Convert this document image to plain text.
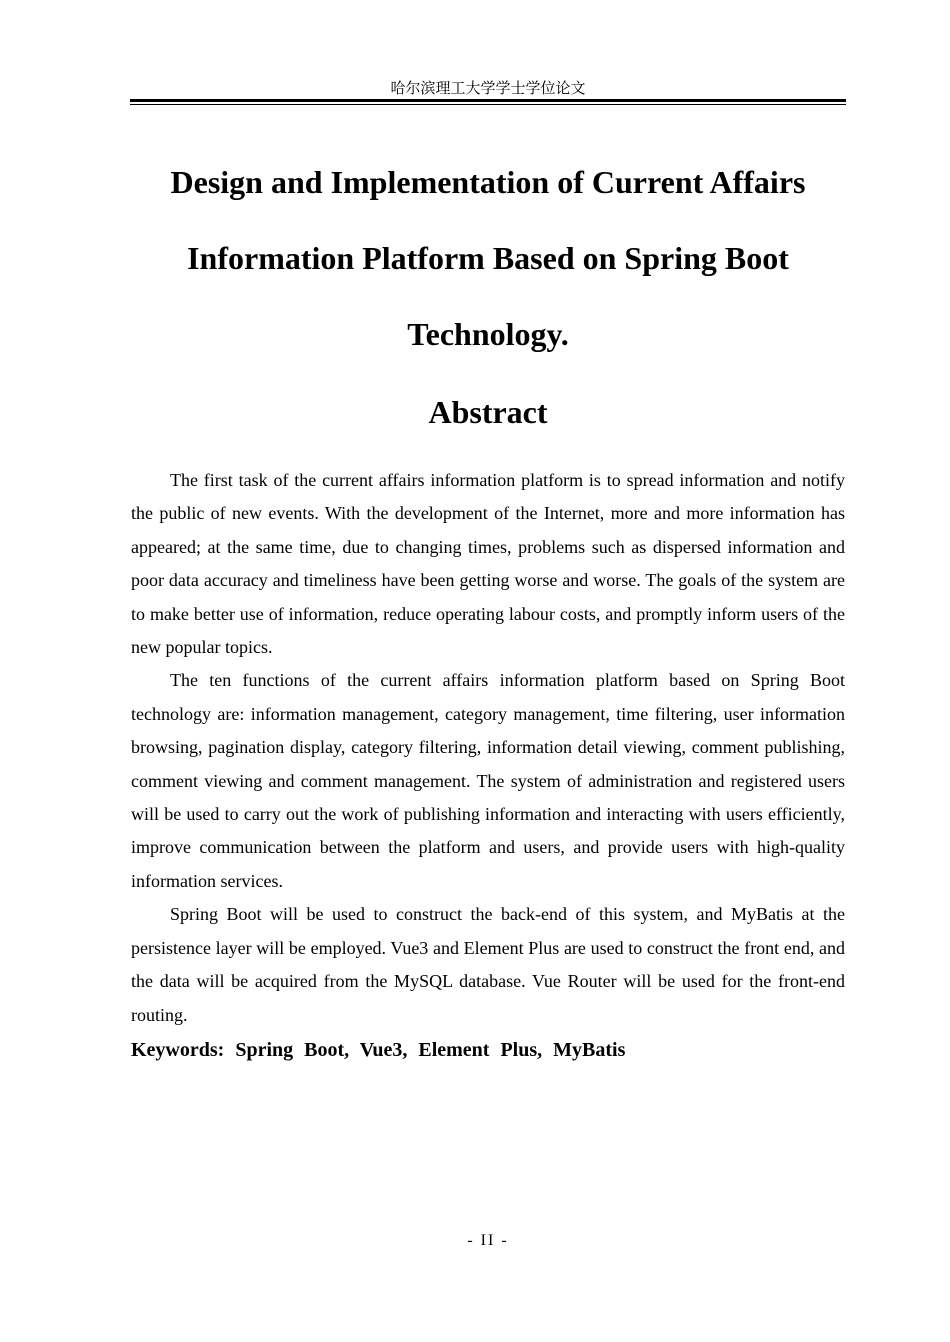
哈尔滨理工大学学士学位论文
Design and Implementation of Current Affairs
Information Platform Based on Spring Boot
Technology.
Abstract

The first task of the current affairs information platform is to spread information and notify the public of new events. With the development of the Internet, more and more information has appeared; at the same time, due to changing times, problems such as dispersed information and poor data accuracy and timeliness have been getting worse and worse. The goals of the system are to make better use of information, reduce operating labour costs, and promptly inform users of the new popular topics.

The ten functions of the current affairs information platform based on Spring Boot technology are: information management, category management, time filtering, user information browsing, pagination display, category filtering, information detail viewing, comment publishing, comment viewing and comment management. The system of administration and registered users will be used to carry out the work of publishing information and interacting with users efficiently, improve communication between the platform and users, and provide users with high-quality information services.

Spring Boot will be used to construct the back-end of this system, and MyBatis at the persistence layer will be employed. Vue3 and Element Plus are used to construct the front end, and the data will be acquired from the MySQL database. Vue Router will be used for the front-end routing.

Keywords: Spring Boot, Vue3, Element Plus, MyBatis
- II -
